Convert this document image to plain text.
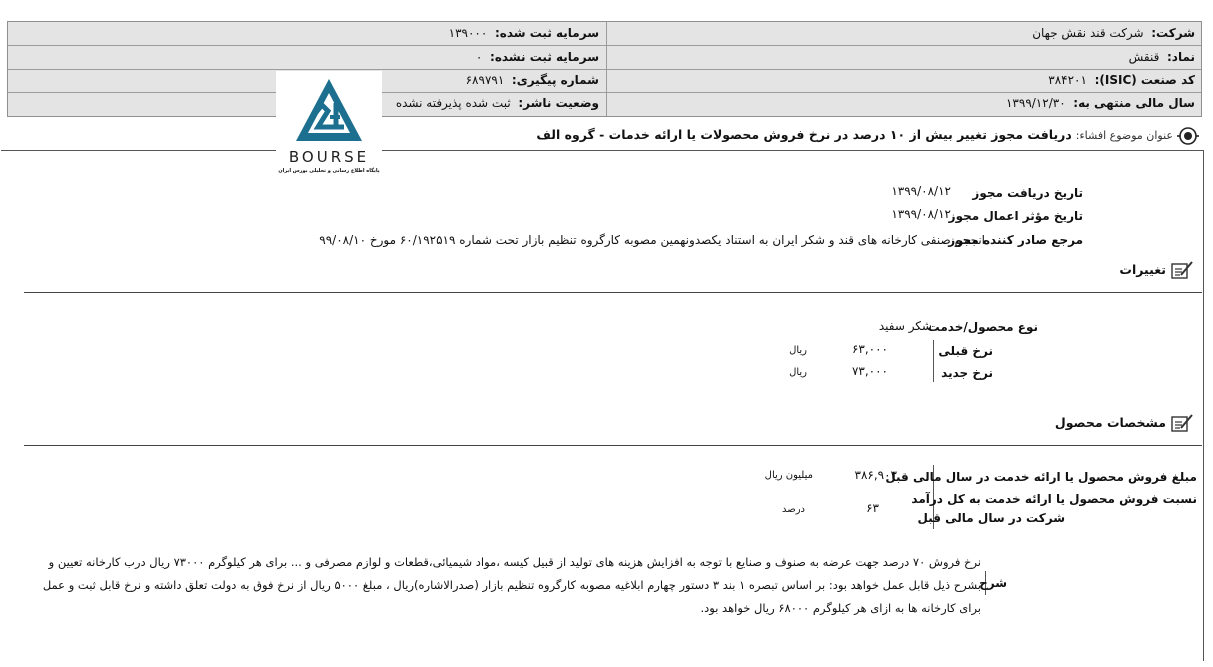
شرکت:  شرکت قند نقش جهان
سرمایه ثبت شده:  ۱۳۹۰۰۰
نماد:  قنقش
سرمایه ثبت نشده:  ۰
کد صنعت (ISIC):  ۳۸۴۲۰۱
شماره پیگیری:  ۶۸۹۷۹۱
سال مالی منتهی به:  ۱۳۹۹/۱۲/۳۰
وضعیت ناشر:  ثبت شده پذیرفته نشده
BOURSE
پایگاه اطلاع رسانی و تحلیلی بورس ایران
عنوان موضوع افشاء: دریافت مجوز تغییر بیش از ۱۰ درصد در نرخ فروش محصولات یا ارائه خدمات - گروه الف
تاریخ دریافت مجوز
۱۳۹۹/۰۸/۱۲
تاریخ مؤثر اعمال مجوز
۱۳۹۹/۰۸/۱۲
مرجع صادر کننده مجوز
انجمن صنفی کارخانه های قند و شکر ایران به استناد یکصدونهمین مصوبه کارگروه تنظیم بازار تحت شماره ۶۰/۱۹۲۵۱۹ مورخ ۹۹/۰۸/۱۰
تغییرات
نوع محصول/خدمت
شکر سفید
نرخ قبلی
۶۳,۰۰۰
ریال
نرخ جدید
۷۳,۰۰۰
ریال
مشخصات محصول
مبلغ فروش محصول یا ارائه خدمت در سال مالی قبل
۳۸۶,۹۰۳
میلیون ریال
نسبت فروش محصول یا ارائه خدمت به کل درآمد
شرکت در سال مالی قبل
۶۳
درصد
شرح
نرخ فروش ۷۰ درصد جهت عرضه به صنوف و صنایع با توجه به افزایش هزینه های تولید از قبیل کیسه ،مواد شیمیائی،قطعات و لوازم مصرفی و ... برای هر کیلوگرم ۷۳۰۰۰ ریال درب کارخانه تعیین و
بشرح ذیل قابل عمل خواهد بود: بر اساس تبصره ۱ بند ۳ دستور چهارم ابلاغیه مصوبه کارگروه تنظیم بازار (صدرالاشاره)ریال ، مبلغ ۵۰۰۰ ریال از نرخ فوق به دولت تعلق داشته و نرخ قابل ثبت و عمل
برای کارخانه ها به ازای هر کیلوگرم ۶۸۰۰۰ ریال خواهد بود.
